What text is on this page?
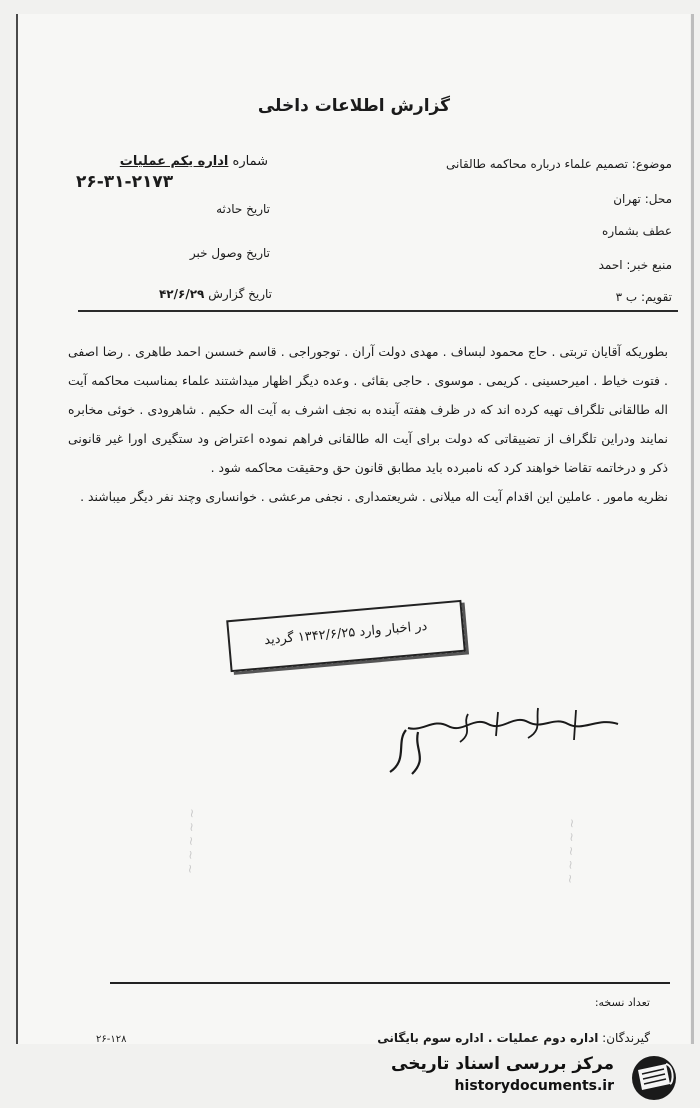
گزارش اطلاعات داخلی
موضوع: تصمیم علماء درباره محاکمه طالقانی
محل: تهران
عطف بشماره
منبع خبر: احمد
تقویم: ب ۳
شماره اداره یکم عملیات
۲۶-۳۱-۲۱۷۳
تاریخ حادثه
تاریخ وصول خبر
تاریخ گزارش ۴۲/۶/۲۹

بطوریکه آقایان تربتی . حاج محمود لبساف . مهدی دولت آران . توجوراجی . قاسم خسسن احمد طاهری . رضا اصفی . فتوت خیاط . امیرحسینی . کریمی . موسوی . حاجی بقائی . وعده دیگر اظهار میداشتند علماء بمناسبت محاکمه آیت اله طالقانی تلگراف تهیه کرده اند که در ظرف هفته آینده به نجف اشرف به آیت اله حکیم . شاهرودی . خوئی مخابره نمایند ودراین تلگراف از تضییقاتی که دولت برای آیت اله طالقانی فراهم نموده اعتراض ود ستگیری اورا غیر قانونی ذکر و درخاتمه تقاضا خواهند کرد که نامبرده باید مطابق قانون حق وحقیقت محاکمه شود .

نظریه مامور . عاملین این اقدام آیت اله میلانی . شریعتمداری . نجفی مرعشی . خوانساری وچند نفر دیگر میباشند .

در اخبار وارد ۱۳۴۲/۶/۲۵ گردید
~ ~ ~ ~ ~	~ ~ ~ ~ ~
تعداد نسخه:
گیرندگان: اداره دوم عملیات . اداره سوم بایگانی
۲۶-۱۲۸
مرکز بررسی اسناد تاریخی
historydocuments.ir
